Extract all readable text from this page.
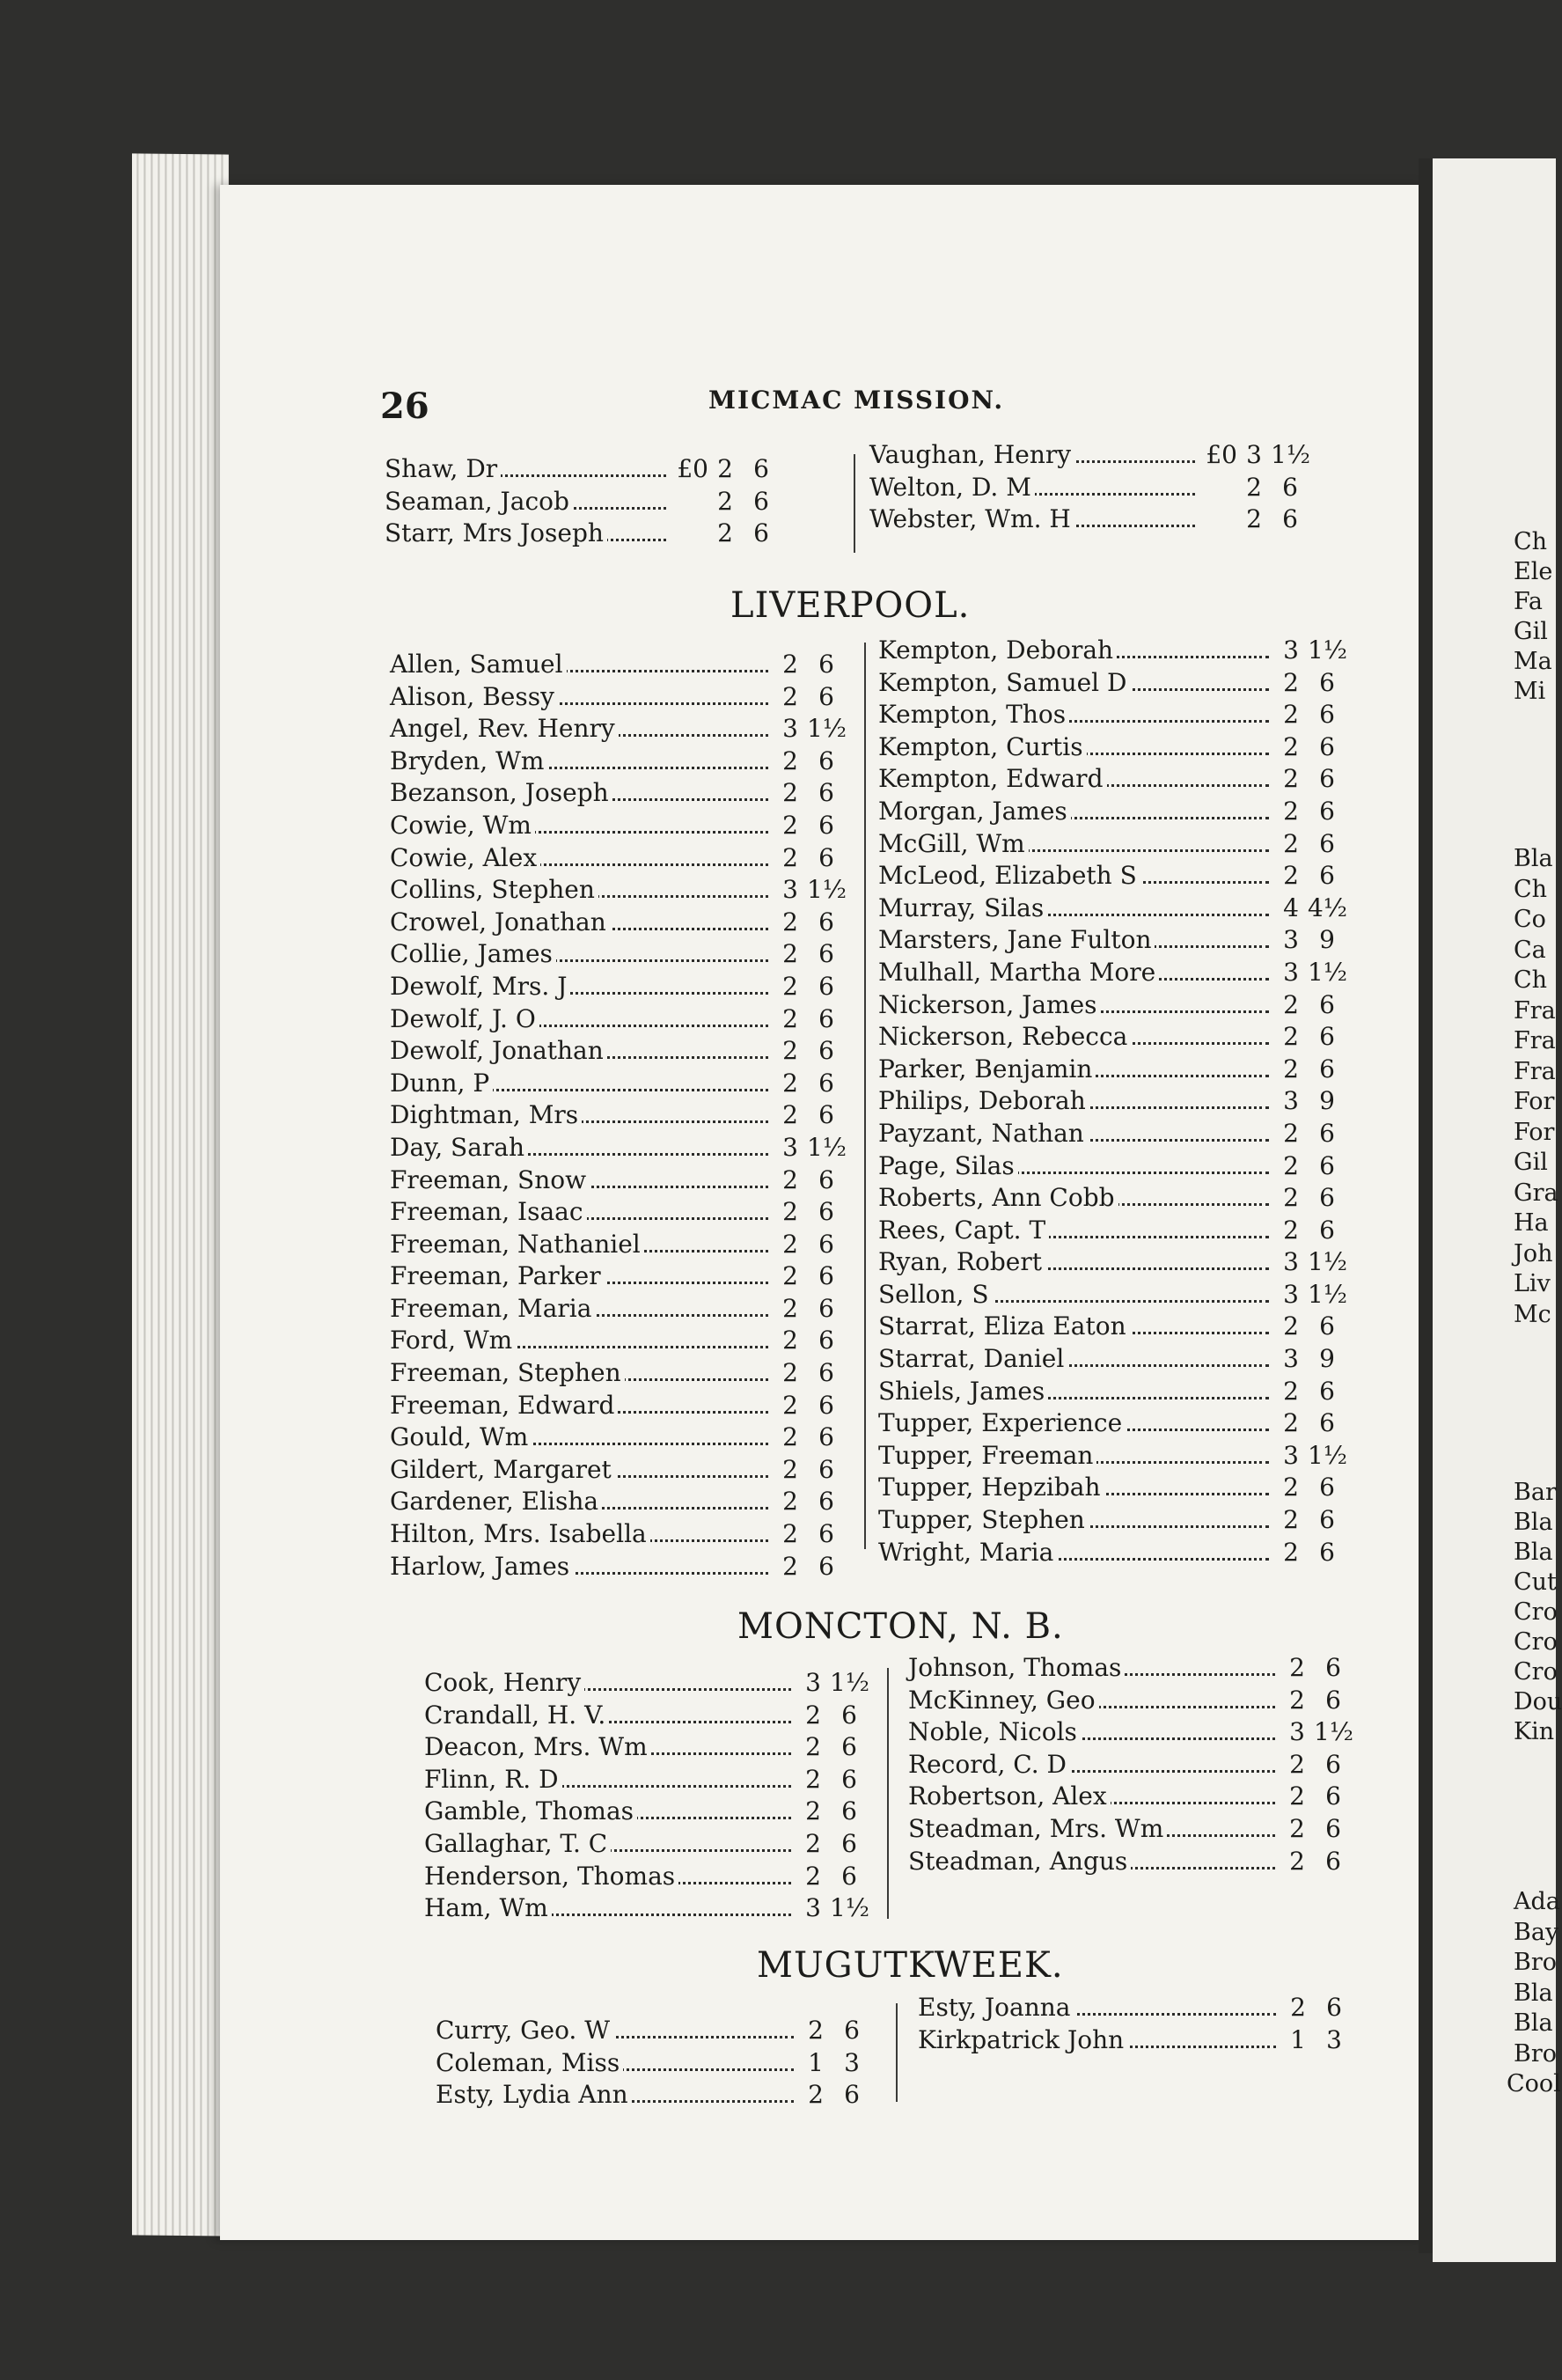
Ch
Ele
Fa
Gil
Ma
Mi
Bla
Ch
Co
Ca
Ch
Fra
Fra
Fra
For
For
Gil
Gra
Ha
Joh
Liv
Mc
Bar
Bla
Bla
Cut
Cro
Cro
Cro
Dou
Kin
Ada
Bay
Bro
Bla
Bla
Bro
Cool
26	MICMAC MISSION.
Shaw, Dr	£0 2 6
Seaman, Jacob	2 6
Starr, Mrs Joseph	2 6
Vaughan, Henry	£0 3 1½
Welton, D. M	2 6
Webster, Wm. H	2 6
LIVERPOOL.
Allen, Samuel	2 6
Alison, Bessy	2 6
Angel, Rev. Henry	3 1½
Bryden, Wm	2 6
Bezanson, Joseph	2 6
Cowie, Wm	2 6
Cowie, Alex	2 6
Collins, Stephen	3 1½
Crowel, Jonathan	2 6
Collie, James	2 6
Dewolf, Mrs. J	2 6
Dewolf, J. O	2 6
Dewolf, Jonathan	2 6
Dunn, P	2 6
Dightman, Mrs	2 6
Day, Sarah	3 1½
Freeman, Snow	2 6
Freeman, Isaac	2 6
Freeman, Nathaniel	2 6
Freeman, Parker	2 6
Freeman, Maria	2 6
Ford, Wm	2 6
Freeman, Stephen	2 6
Freeman, Edward	2 6
Gould, Wm	2 6
Gildert, Margaret	2 6
Gardener, Elisha	2 6
Hilton, Mrs. Isabella	2 6
Harlow, James	2 6
Kempton, Deborah	3 1½
Kempton, Samuel D	2 6
Kempton, Thos	2 6
Kempton, Curtis	2 6
Kempton, Edward	2 6
Morgan, James	2 6
McGill, Wm	2 6
McLeod, Elizabeth S	2 6
Murray, Silas	4 4½
Marsters, Jane Fulton	3 9
Mulhall, Martha More	3 1½
Nickerson, James	2 6
Nickerson, Rebecca	2 6
Parker, Benjamin	2 6
Philips, Deborah	3 9
Payzant, Nathan	2 6
Page, Silas	2 6
Roberts, Ann Cobb	2 6
Rees, Capt. T	2 6
Ryan, Robert	3 1½
Sellon, S	3 1½
Starrat, Eliza Eaton	2 6
Starrat, Daniel	3 9
Shiels, James	2 6
Tupper, Experience	2 6
Tupper, Freeman	3 1½
Tupper, Hepzibah	2 6
Tupper, Stephen	2 6
Wright, Maria	2 6
MONCTON, N. B.
Cook, Henry	3 1½
Crandall, H. V.	2 6
Deacon, Mrs. Wm	2 6
Flinn, R. D	2 6
Gamble, Thomas	2 6
Gallaghar, T. C	2 6
Henderson, Thomas	2 6
Ham, Wm	3 1½
Johnson, Thomas	2 6
McKinney, Geo	2 6
Noble, Nicols	3 1½
Record, C. D	2 6
Robertson, Alex	2 6
Steadman, Mrs. Wm	2 6
Steadman, Angus	2 6
MUGUTKWEEK.
Curry, Geo. W	2 6
Coleman, Miss	1 3
Esty, Lydia Ann	2 6
Esty, Joanna	2 6
Kirkpatrick John	1 3
